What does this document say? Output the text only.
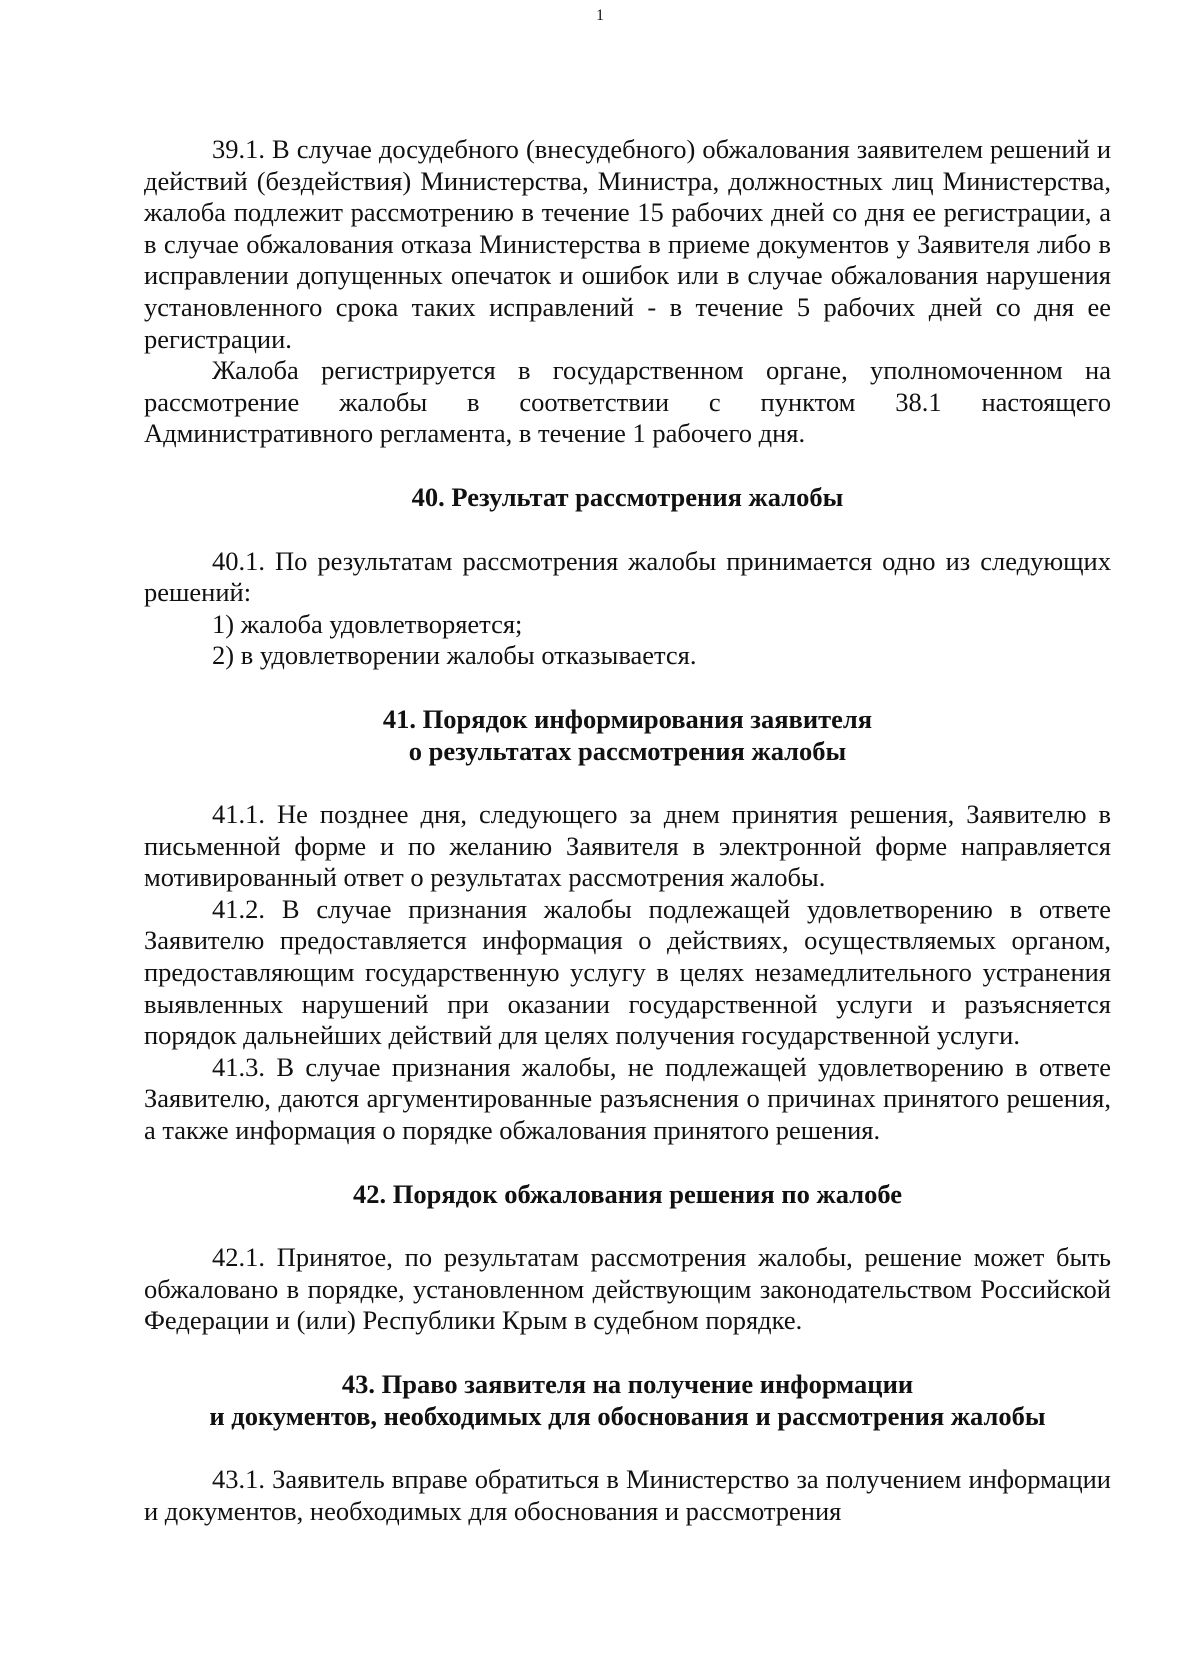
1

39.1. В случае досудебного (внесудебного) обжалования заявителем решений и действий (бездействия) Министерства, Министра, должностных лиц Министерства, жалоба подлежит рассмотрению в течение 15 рабочих дней со дня ее регистрации, а в случае обжалования отказа Министерства в приеме документов у Заявителя либо в исправлении допущенных опечаток и ошибок или в случае обжалования нарушения установленного срока таких исправлений - в течение 5 рабочих дней со дня ее регистрации.

Жалоба регистрируется в государственном органе, уполномоченном на рассмотрение жалобы в соответствии с пунктом 38.1 настоящего Административного регламента, в течение 1 рабочего дня.

40. Результат рассмотрения жалобы

40.1. По результатам рассмотрения жалобы принимается одно из следующих решений:

1) жалоба удовлетворяется;

2) в удовлетворении жалобы отказывается.

41. Порядок информирования заявителя
о результатах рассмотрения жалобы

41.1. Не позднее дня, следующего за днем принятия решения, Заявителю в письменной форме и по желанию Заявителя в электронной форме направляется мотивированный ответ о результатах рассмотрения жалобы.

41.2. В случае признания жалобы подлежащей удовлетворению в ответе Заявителю предоставляется информация о действиях, осуществляемых органом, предоставляющим государственную услугу в целях незамедлительного устранения выявленных нарушений при оказании государственной услуги и разъясняется порядок дальнейших действий для целях получения государственной услуги.

41.3. В случае признания жалобы, не подлежащей удовлетворению в ответе Заявителю, даются аргументированные разъяснения о причинах принятого решения, а также информация о порядке обжалования принятого решения.

42. Порядок обжалования решения по жалобе

42.1. Принятое, по результатам рассмотрения жалобы, решение может быть обжаловано в порядке, установленном действующим законодательством Российской Федерации и (или) Республики Крым в судебном порядке.

43. Право заявителя на получение информации
и документов, необходимых для обоснования и рассмотрения жалобы

43.1. Заявитель вправе обратиться в Министерство за получением информации и документов, необходимых для обоснования и рассмотрения
